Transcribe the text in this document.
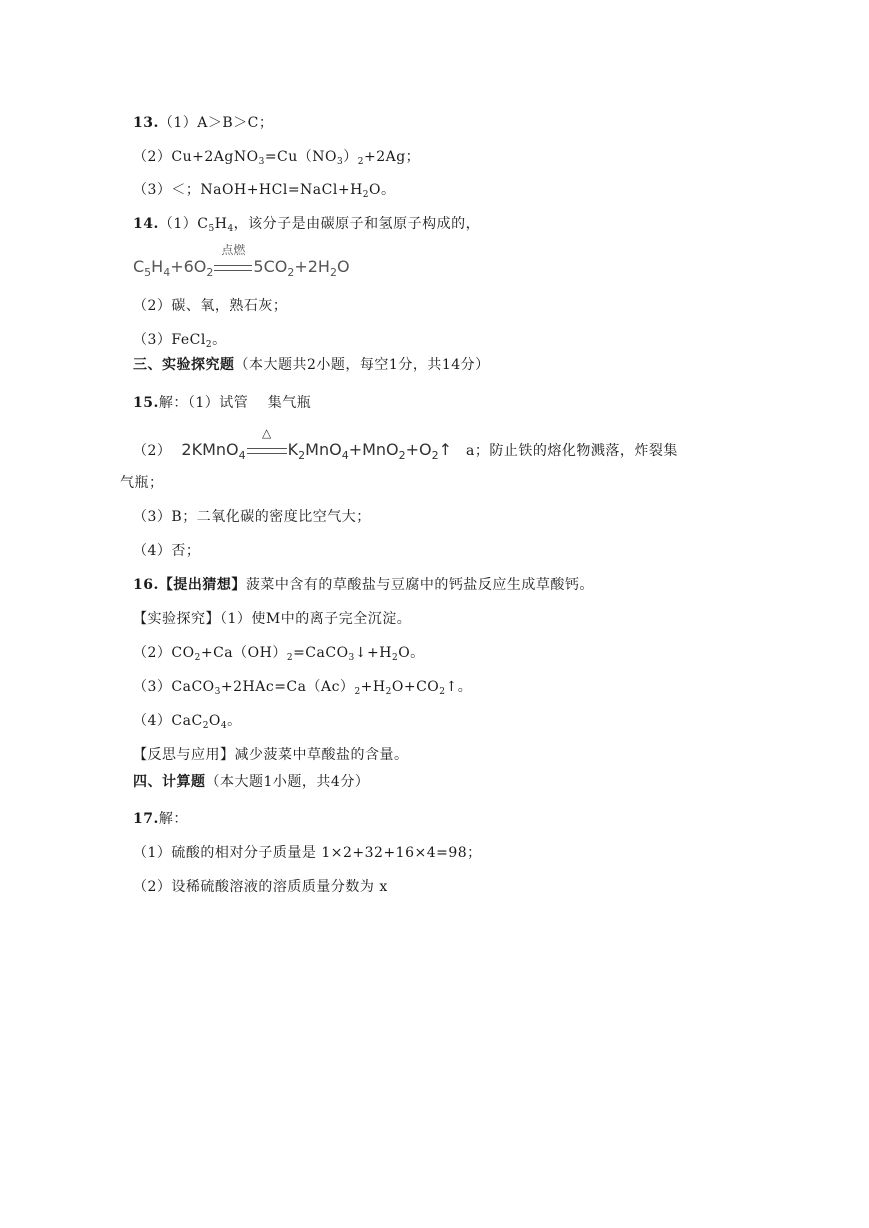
13.（1）A＞B＞C；
$(2)Cu+2AgNO_3=Cu(NO_3)_2+2Ag$；
（3）＜；$NaOH+HCl=NaCl+H_2O$。
$14.(1)C_5H_4$，该分子是由碳原子和氢原子构成的，
$C_5H_4+6O_2$
点燃
$5CO_2+2H_2O$
（2）碳、氧，熟石灰；
（3）FeCl$_2$。
三、实验探究题（本大题共2小题，每空1分，共14分）
15.解：（1）试管　 集气瓶
（2） 2KMnO$_4$
△
$K_2MnO_4+MnO_2+O_2↑$ a；防止铁的熔化物溅落，炸裂集
气瓶；
（3）B；二氧化碳的密度比空气大；
（4）否；
16.【提出猜想】菠菜中含有的草酸盐与豆腐中的钙盐反应生成草酸钙。
【实验探究】（1）使M中的离子完全沉淀。
$(2)CO_2+Ca(OH)_2=CaCO_3↓+H_2O$。
$(3)CaCO_3+2HAc=Ca(Ac)_2+H_2O+CO_2↑$。
$(4)CaC_2O_4$。
【反思与应用】减少菠菜中草酸盐的含量。
四、计算题（本大题1小题，共4分）
17.解：
（1）硫酸的相对分子质量是 1×2+32+16×4=98；
（2）设稀硫酸溶液的溶质质量分数为 x
